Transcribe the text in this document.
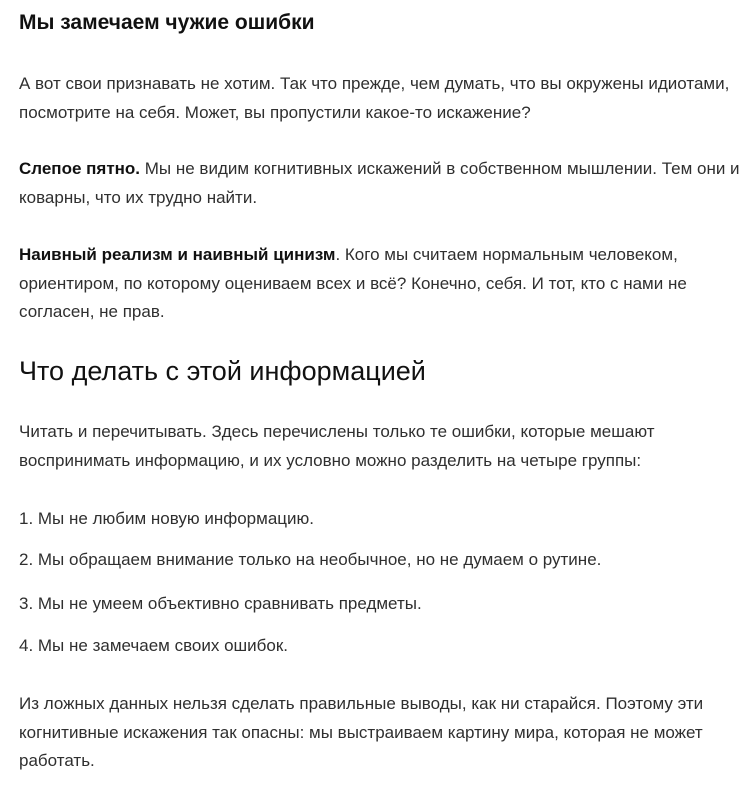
Мы замечаем чужие ошибки

А вот свои признавать не хотим. Так что прежде, чем думать, что вы окружены идиотами, посмотрите на себя. Может, вы пропустили какое-то искажение?

Слепое пятно. Мы не видим когнитивных искажений в собственном мышлении. Тем они и коварны, что их трудно найти.

Наивный реализм и наивный цинизм. Кого мы считаем нормальным человеком, ориентиром, по которому оцениваем всех и всё? Конечно, себя. И тот, кто с нами не согласен, не прав.

Что делать с этой информацией

Читать и перечитывать. Здесь перечислены только те ошибки, которые мешают воспринимать информацию, и их условно можно разделить на четыре группы:

1. Мы не любим новую информацию.

2. Мы обращаем внимание только на необычное, но не думаем о рутине.

3. Мы не умеем объективно сравнивать предметы.

4. Мы не замечаем своих ошибок.

Из ложных данных нельзя сделать правильные выводы, как ни старайся. Поэтому эти когнитивные искажения так опасны: мы выстраиваем картину мира, которая не может работать.
